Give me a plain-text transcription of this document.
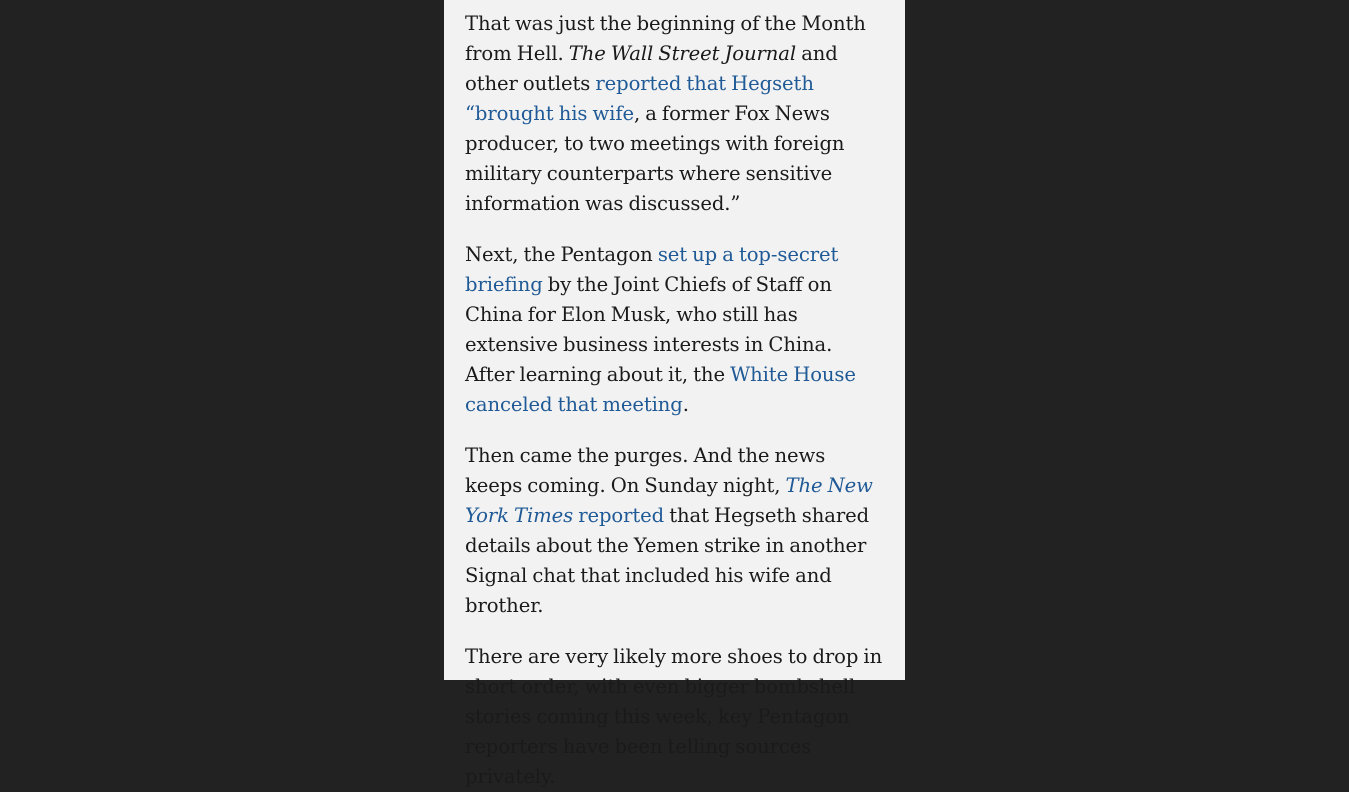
That was just the beginning of the Month from Hell. The Wall Street Journal and other outlets reported that Hegseth “brought his wife, a former Fox News producer, to two meetings with foreign military counterparts where sensitive information was discussed.”

Next, the Pentagon set up a top-secret briefing by the Joint Chiefs of Staff on China for Elon Musk, who still has extensive business interests in China. After learning about it, the White House canceled that meeting.

Then came the purges. And the news keeps coming. On Sunday night, The New York Times reported that Hegseth shared details about the Yemen strike in another Signal chat that included his wife and brother.

There are very likely more shoes to drop in short order, with even bigger bombshell stories coming this week, key Pentagon reporters have been telling sources privately.
